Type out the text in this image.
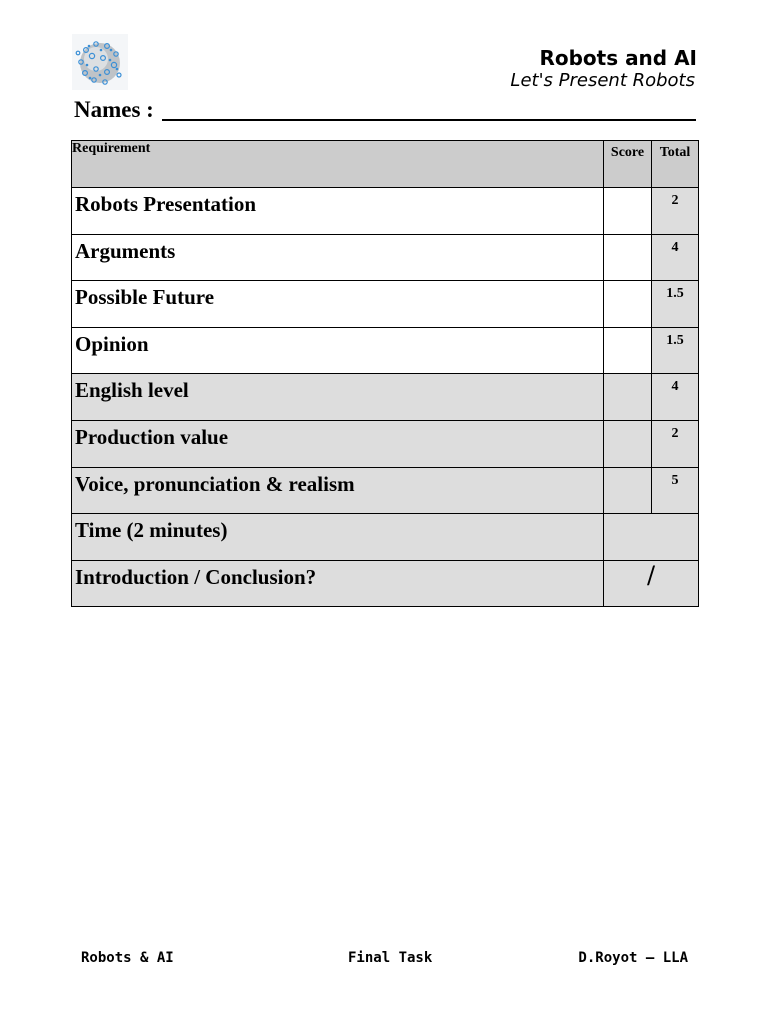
Robots and AI
Let's Present Robots
Names :
Requirement	Score	Total
Robots Presentation		2
Arguments		4
Possible Future		1.5
Opinion		1.5
English level		4
Production value		2
Voice, pronunciation & realism		5
Time (2 minutes)		
Introduction / Conclusion?	/	
Robots & AI	Final Task	D.Royot – LLA
